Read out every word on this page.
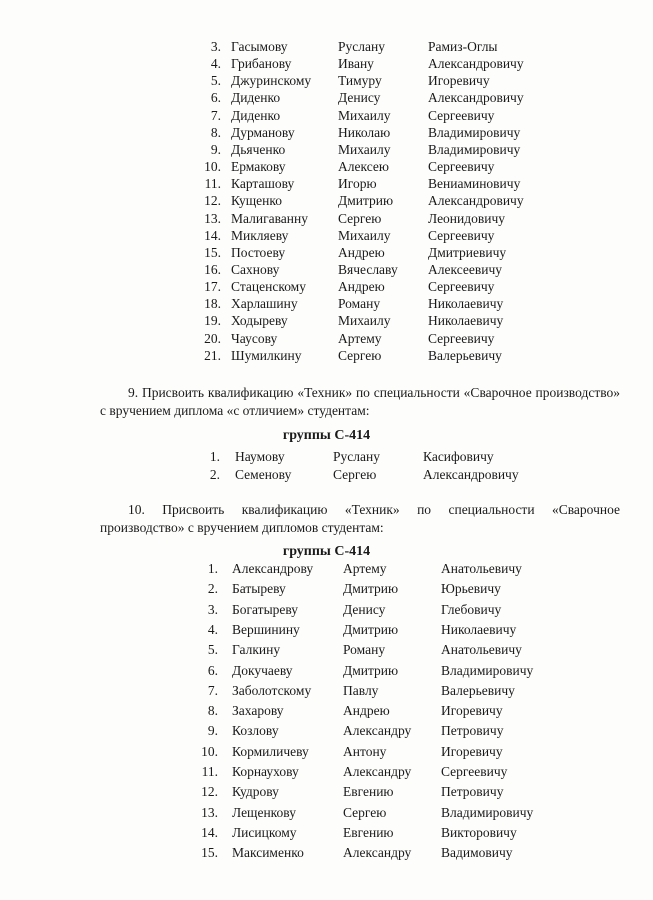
3. Гасымову	Руслану	Рамиз-Оглы
4. Грибанову	Ивану	Александровичу
5. Джуринскому Тимуру	Игоревичу
6. Диденко	Денису	Александровичу
7. Диденко	Михаилу	Сергеевичу
8. Дурманову	Николаю	Владимировичу
9. Дьяченко	Михаилу	Владимировичу
10. Ермакову	Алексею	Сергеевичу
11. Карташову	Игорю	Вениаминовичу
12. Кущенко	Дмитрию	Александровичу
13. Малигаванну Сергею	Леонидовичу
14. Микляеву	Михаилу	Сергеевичу
15. Постоеву	Андрею	Дмитриевичу
16. Сахнову	Вячеславу Алексеевичу
17. Стаценскому Андрею	Сергеевичу
18. Харлашину	Роману	Николаевичу
19. Ходыреву	Михаилу	Николаевичу
20. Чаусову	Артему	Сергеевичу
21. Шумилкину	Сергею	Валерьевичу

9. Присвоить квалификацию «Техник» по специальности «Сварочное производство» с вручением диплома «с отличием» студентам:

группы С-414
1. Наумову	Руслану	Касифовичу
2. Семенову	Сергею	Александровичу

10. Присвоить квалификацию «Техник» по специальности «Сварочное производство» с вручением дипломов студентам:

группы С-414
1. Александрову Артему	Анатольевичу
2. Батыреву	Дмитрию	Юрьевичу
3. Богатыреву	Денису	Глебовичу
4. Вершинину	Дмитрию	Николаевичу
5. Галкину	Роману	Анатольевичу
6. Докучаеву	Дмитрию	Владимировичу
7. Заболотскому Павлу	Валерьевичу
8. Захарову	Андрею	Игоревичу
9. Козлову	Александру Петровичу
10. Кормиличеву	Антону	Игоревичу
11. Корнаухову	Александру Сергеевичу
12. Кудрову	Евгению	Петровичу
13. Лещенкову	Сергею	Владимировичу
14. Лисицкому	Евгению	Викторовичу
15. Максименко	Александру Вадимовичу
